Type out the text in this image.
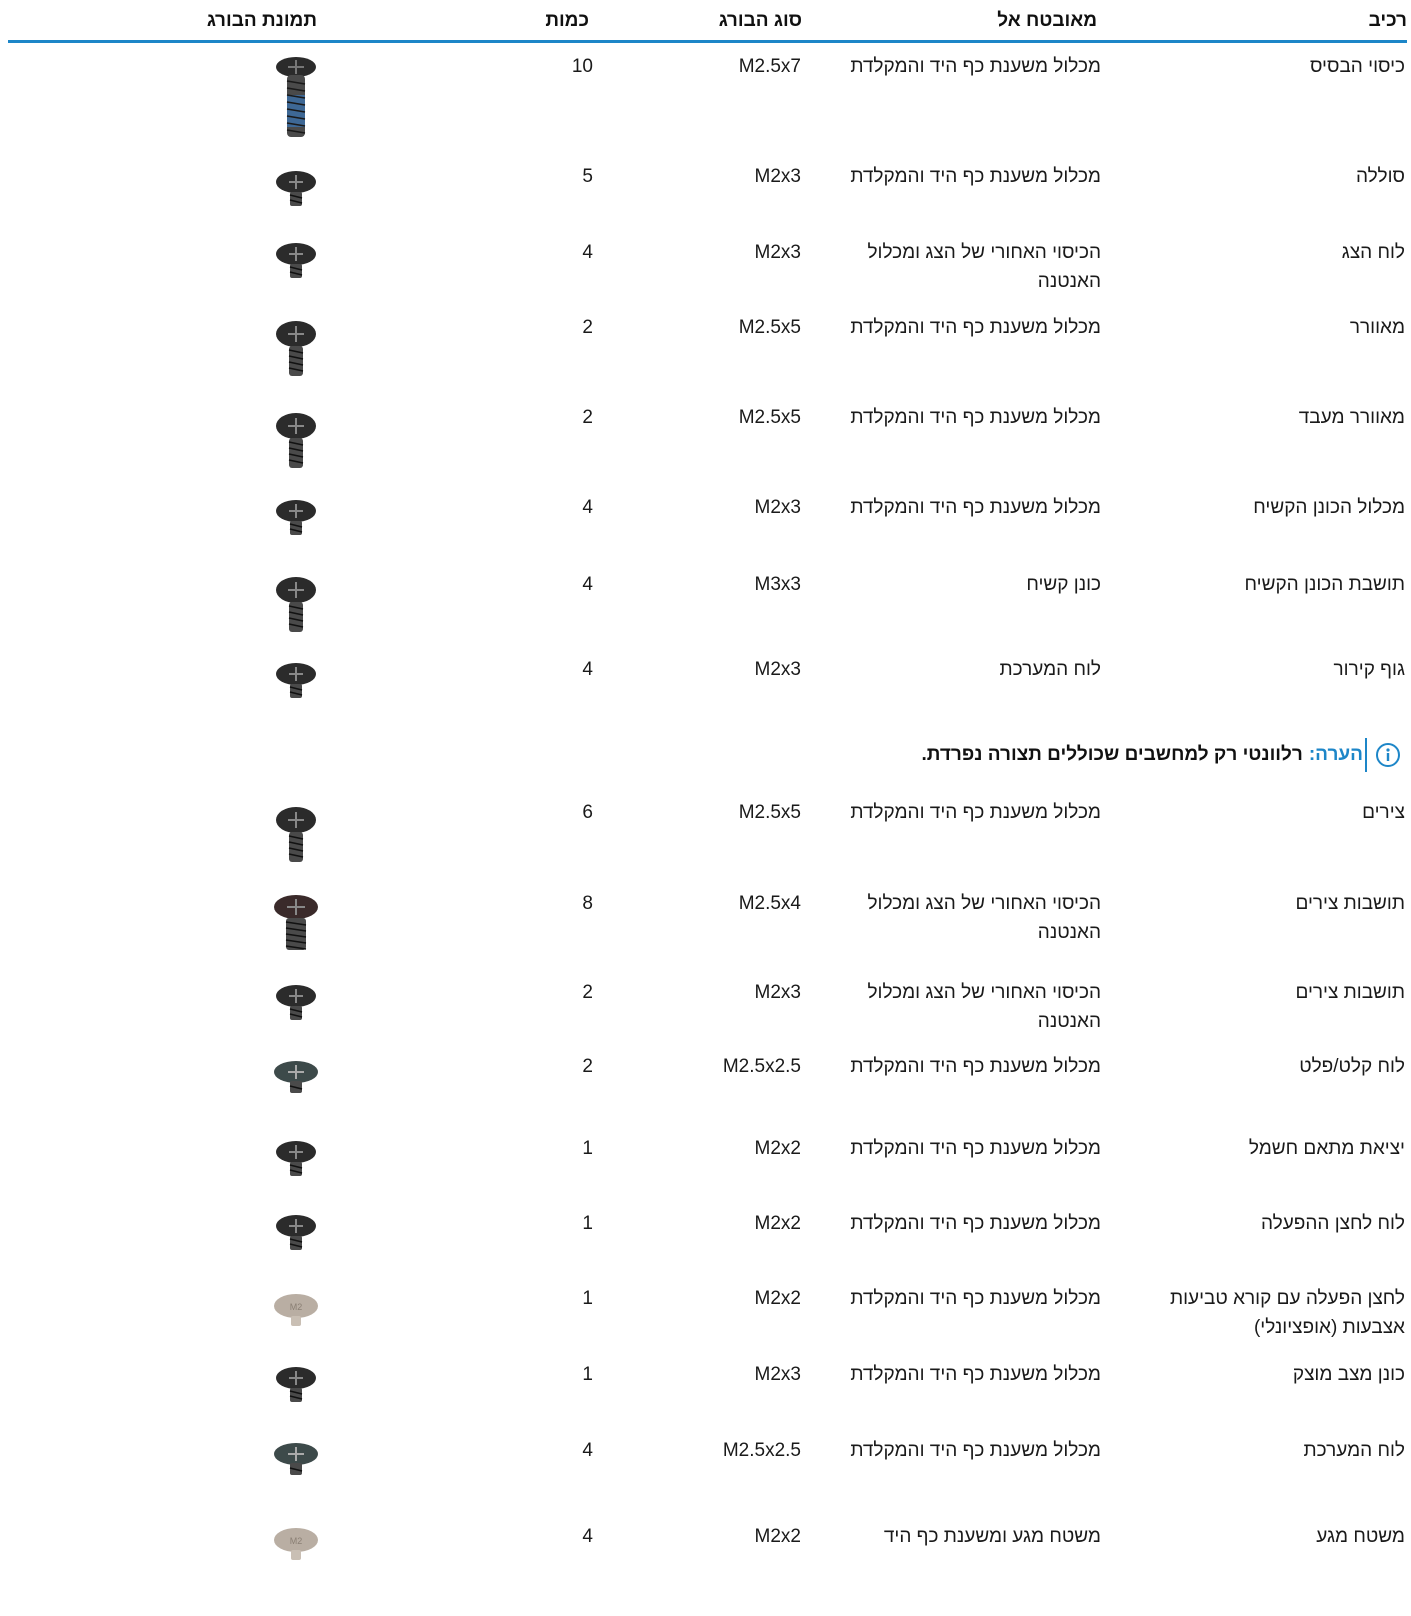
רכיב
מאובטח אל
סוג הבורג
כמות
תמונת הבורג
כיסוי הבסיס
מכלול משענת כף היד והמקלדת
M2.5x7
10
סוללה
מכלול משענת כף היד והמקלדת
M2x3
5
לוח הצג
הכיסוי האחורי של הצג ומכלול האנטנה
M2x3
4
מאוורר
מכלול משענת כף היד והמקלדת
M2.5x5
2
מאוורר מעבד
מכלול משענת כף היד והמקלדת
M2.5x5
2
מכלול הכונן הקשיח
מכלול משענת כף היד והמקלדת
M2x3
4
תושבת הכונן הקשיח
כונן קשיח
M3x3
4
גוף קירור
לוח המערכת
M2x3
4
הערה:
רלוונטי רק למחשבים שכוללים תצורה נפרדת.
צירים
מכלול משענת כף היד והמקלדת
M2.5x5
6
תושבות צירים
הכיסוי האחורי של הצג ומכלול האנטנה
M2.5x4
8
תושבות צירים
הכיסוי האחורי של הצג ומכלול האנטנה
M2x3
2
לוח קלט/פלט
מכלול משענת כף היד והמקלדת
M2.5x2.5
2
יציאת מתאם חשמל
מכלול משענת כף היד והמקלדת
M2x2
1
לוח לחצן ההפעלה
מכלול משענת כף היד והמקלדת
M2x2
1
לחצן הפעלה עם קורא טביעות אצבעות (אופציונלי)
מכלול משענת כף היד והמקלדת
M2x2
1
M2
כונן מצב מוצק
מכלול משענת כף היד והמקלדת
M2x3
1
לוח המערכת
מכלול משענת כף היד והמקלדת
M2.5x2.5
4
משטח מגע
משטח מגע ומשענת כף היד
M2x2
4
M2
